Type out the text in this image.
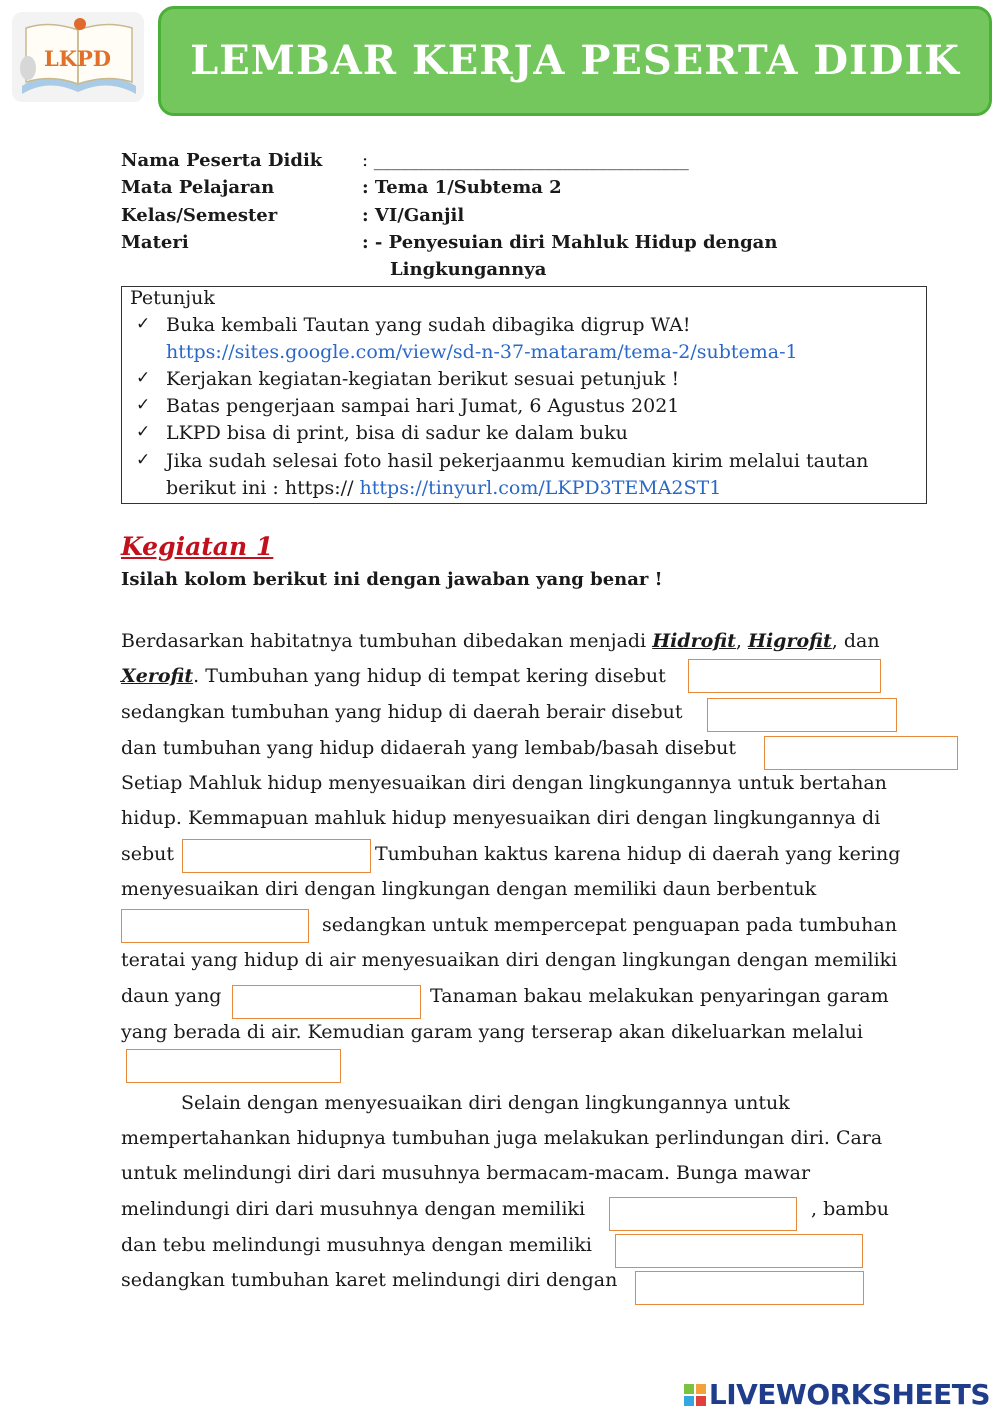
LKPD	LEMBAR KERJA PESERTA DIDIK
Nama Peserta Didik : ___________________________________
Mata Pelajaran	: Tema 1/Subtema 2
Kelas/Semester	: VI/Ganjil
Materi	: - Penyesuian diri Mahluk Hidup dengan
Lingkungannya
Petunjuk
✓ Buka kembali Tautan yang sudah dibagika digrup WA!
https://sites.google.com/view/sd-n-37-mataram/tema-2/subtema-1
✓ Kerjakan kegiatan-kegiatan berikut sesuai petunjuk !
✓ Batas pengerjaan sampai hari Jumat, 6 Agustus 2021
✓ LKPD bisa di print, bisa di sadur ke dalam buku
✓ Jika sudah selesai foto hasil pekerjaanmu kemudian kirim melalui tautan
berikut ini : https:// https://tinyurl.com/LKPD3TEMA2ST1
Kegiatan 1
Isilah kolom berikut ini dengan jawaban yang benar !
Berdasarkan habitatnya tumbuhan dibedakan menjadi Hidrofit, Higrofit, dan
Xerofit. Tumbuhan yang hidup di tempat kering disebut
sedangkan tumbuhan yang hidup di daerah berair disebut
dan tumbuhan yang hidup didaerah yang lembab/basah disebut
Setiap Mahluk hidup menyesuaikan diri dengan lingkungannya untuk bertahan
hidup. Kemmapuan mahluk hidup menyesuaikan diri dengan lingkungannya di
sebut	Tumbuhan kaktus karena hidup di daerah yang kering
menyesuaikan diri dengan lingkungan dengan memiliki daun berbentuk
sedangkan untuk mempercepat penguapan pada tumbuhan
teratai yang hidup di air menyesuaikan diri dengan lingkungan dengan memiliki
daun yang	Tanaman bakau melakukan penyaringan garam
yang berada di air. Kemudian garam yang terserap akan dikeluarkan melalui
Selain dengan menyesuaikan diri dengan lingkungannya untuk
mempertahankan hidupnya tumbuhan juga melakukan perlindungan diri. Cara
untuk melindungi diri dari musuhnya bermacam-macam. Bunga mawar
melindungi diri dari musuhnya dengan memiliki	, bambu
dan tebu melindungi musuhnya dengan memiliki
sedangkan tumbuhan karet melindungi diri dengan
LIVEWORKSHEETS
